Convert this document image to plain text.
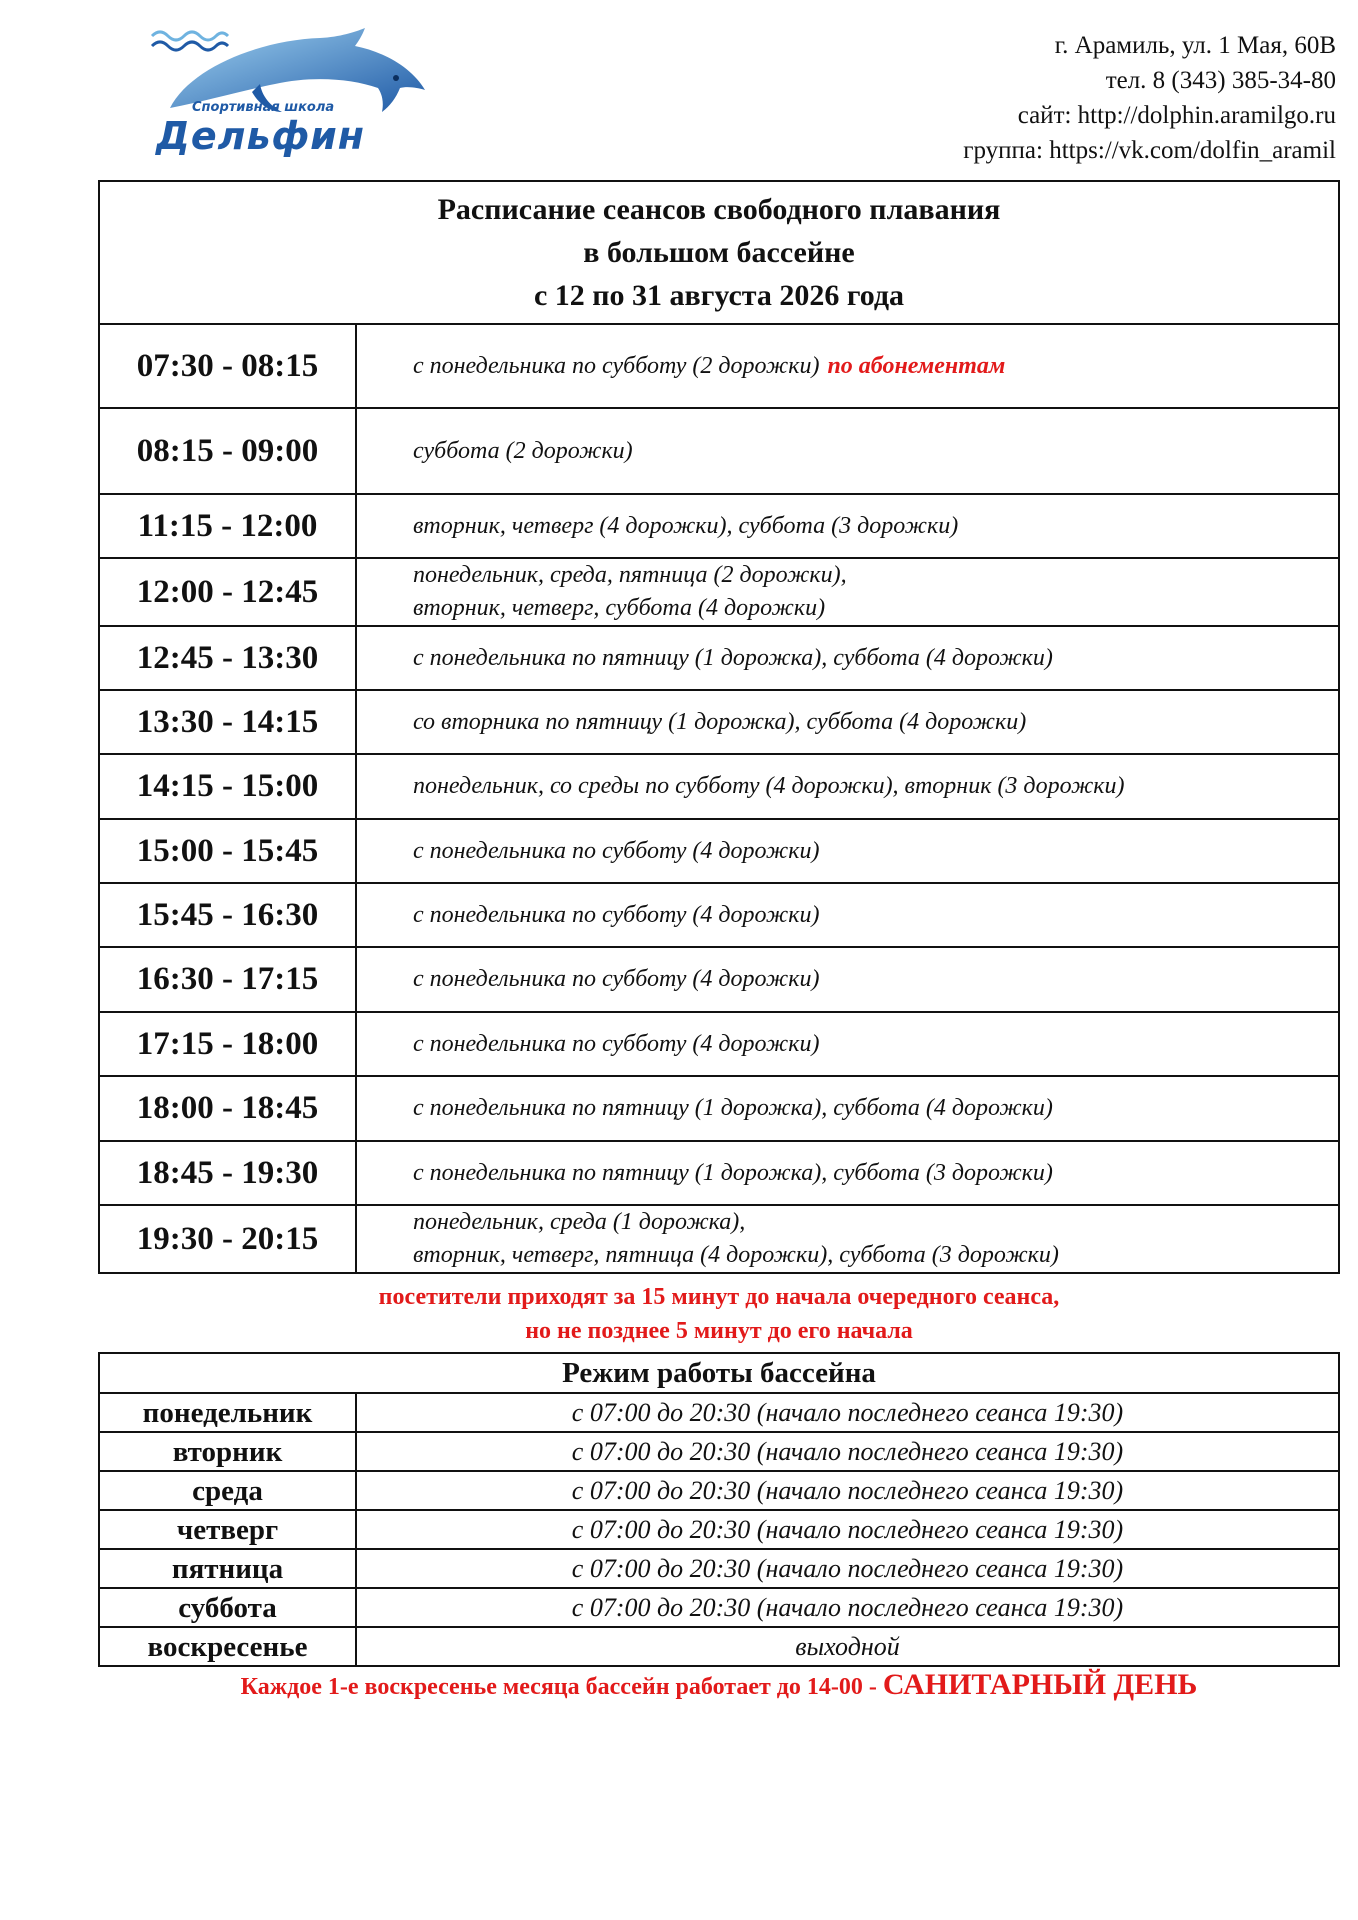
Спортивная школа
Дельфин
г. Арамиль, ул. 1 Мая, 60В
тел. 8 (343) 385-34-80
сайт: http://dolphin.aramilgo.ru
группа: https://vk.com/dolfin_aramil
Расписание сеансов свободного плавания
в большом бассейне
с 12 по 31 августа 2026 года	

07:30 - 08:15	с понедельника по субботу (2 дорожки) по абонементам
08:15 - 09:00	суббота (2 дорожки)
11:15 - 12:00	вторник, четверг (4 дорожки), суббота (3 дорожки)
12:00 - 12:45	понедельник, среда, пятница (2 дорожки),
вторник, четверг, суббота (4 дорожки)

12:45 - 13:30	с понедельника по пятницу (1 дорожка), суббота (4 дорожки)
13:30 - 14:15	со вторника по пятницу (1 дорожка), суббота (4 дорожки)
14:15 - 15:00	понедельник, со среды по субботу (4 дорожки), вторник (3 дорожки)
15:00 - 15:45	с понедельника по субботу (4 дорожки)
15:45 - 16:30	с понедельника по субботу (4 дорожки)
16:30 - 17:15	с понедельника по субботу (4 дорожки)
17:15 - 18:00	с понедельника по субботу (4 дорожки)
18:00 - 18:45	с понедельника по пятницу (1 дорожка), суббота (4 дорожки)
18:45 - 19:30	с понедельника по пятницу (1 дорожка), суббота (3 дорожки)
19:30 - 20:15	понедельник, среда (1 дорожка),
вторник, четверг, пятница (4 дорожки), суббота (3 дорожки)
посетители приходят за 15 минут до начала очередного сеанса,
но не позднее 5 минут до его начала
Режим работы бассейна	
понедельник	с 07:00 до 20:30 (начало последнего сеанса 19:30)
вторник	с 07:00 до 20:30 (начало последнего сеанса 19:30)
среда	с 07:00 до 20:30 (начало последнего сеанса 19:30)
четверг	с 07:00 до 20:30 (начало последнего сеанса 19:30)
пятница	с 07:00 до 20:30 (начало последнего сеанса 19:30)
суббота	с 07:00 до 20:30 (начало последнего сеанса 19:30)
воскресенье	выходной
Каждое 1-е воскресенье месяца бассейн работает до 14-00 - САНИТАРНЫЙ ДЕНЬ
